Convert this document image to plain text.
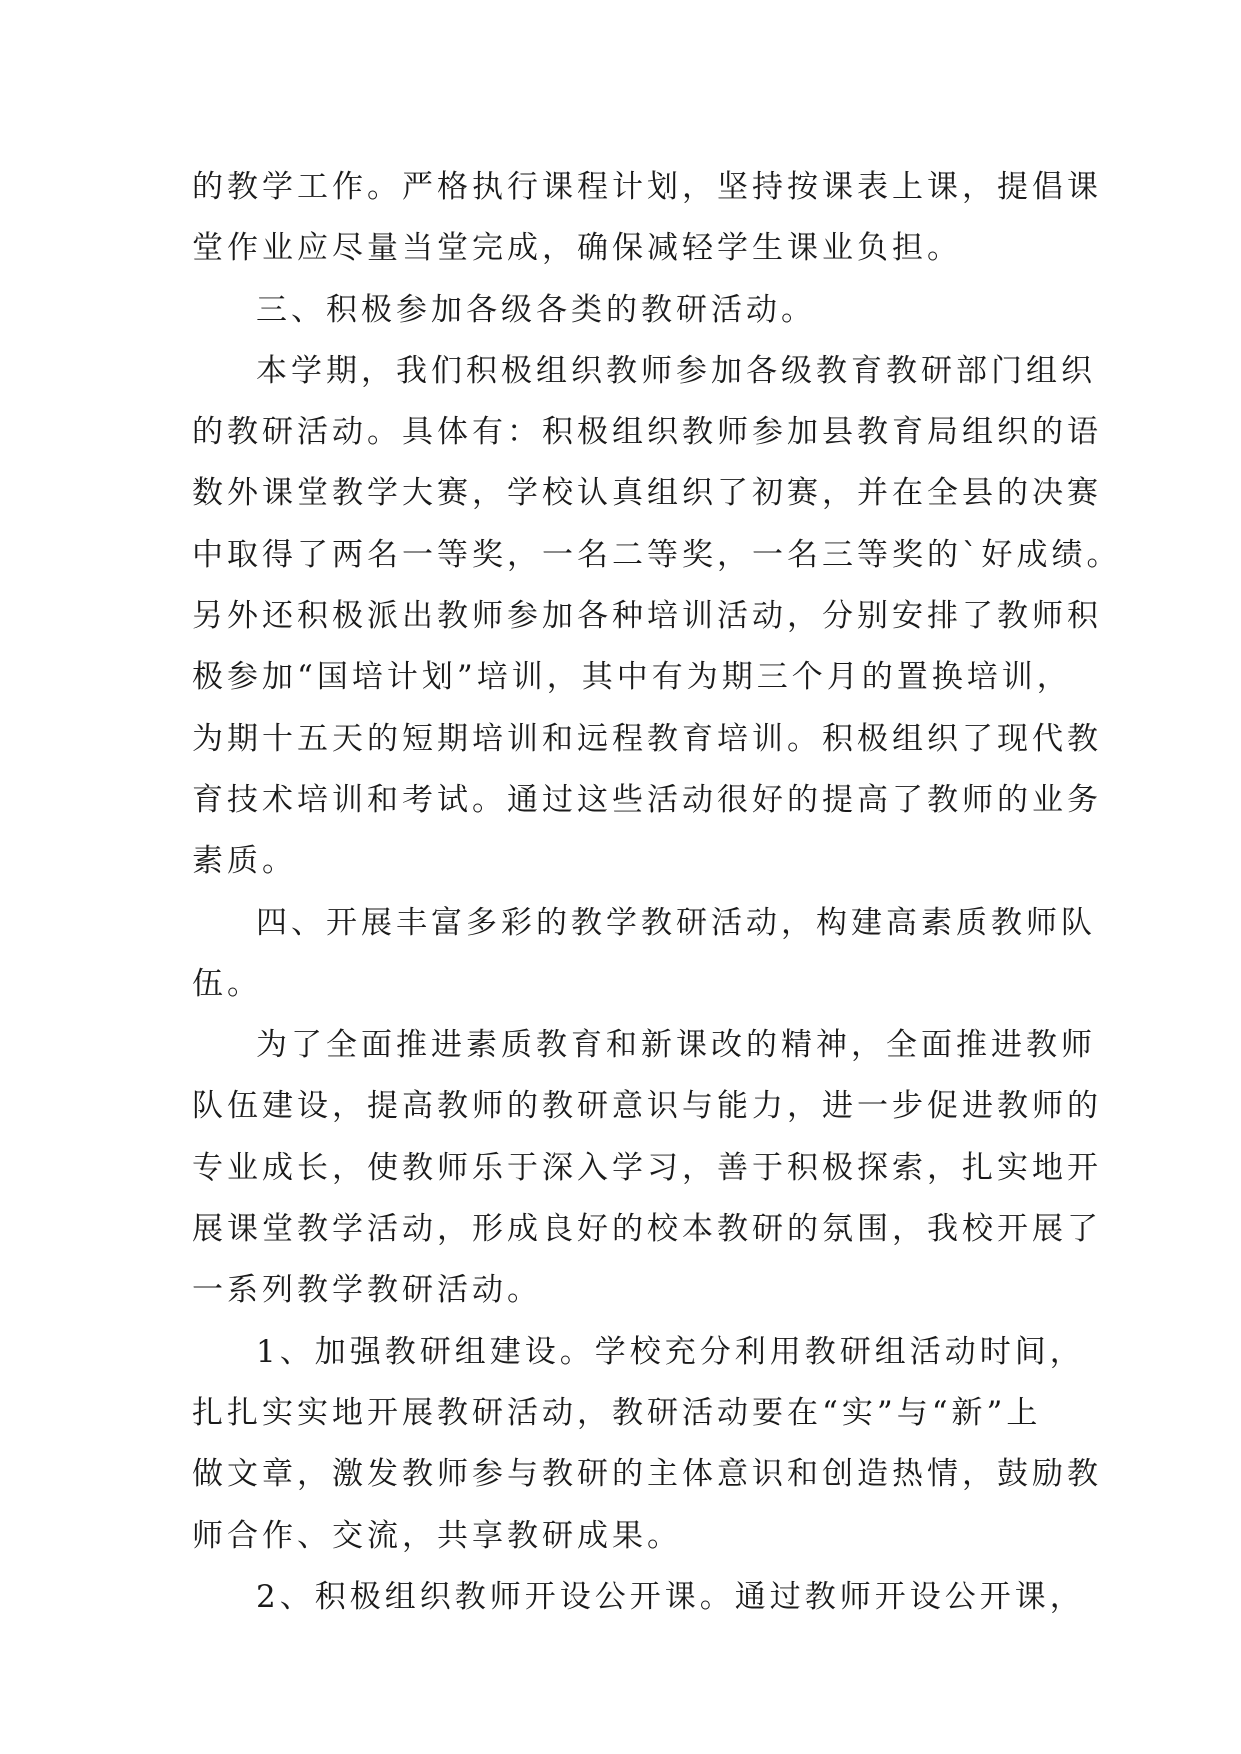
的教学工作。严格执行课程计划，坚持按课表上课，提倡课
堂作业应尽量当堂完成，确保减轻学生课业负担。
三、积极参加各级各类的教研活动。
本学期，我们积极组织教师参加各级教育教研部门组织
的教研活动。具体有：积极组织教师参加县教育局组织的语
数外课堂教学大赛，学校认真组织了初赛，并在全县的决赛
中取得了两名一等奖，一名二等奖，一名三等奖的`好成绩。
另外还积极派出教师参加各种培训活动，分别安排了教师积
极参加“国培计划”培训，其中有为期三个月的置换培训，
为期十五天的短期培训和远程教育培训。积极组织了现代教
育技术培训和考试。通过这些活动很好的提高了教师的业务
素质。
四、开展丰富多彩的教学教研活动，构建高素质教师队
伍。
为了全面推进素质教育和新课改的精神，全面推进教师
队伍建设，提高教师的教研意识与能力，进一步促进教师的
专业成长，使教师乐于深入学习，善于积极探索，扎实地开
展课堂教学活动，形成良好的校本教研的氛围，我校开展了
一系列教学教研活动。
1、加强教研组建设。学校充分利用教研组活动时间，
扎扎实实地开展教研活动，教研活动要在“实”与“新”上
做文章，激发教师参与教研的主体意识和创造热情，鼓励教
师合作、交流，共享教研成果。
2、积极组织教师开设公开课。通过教师开设公开课，
